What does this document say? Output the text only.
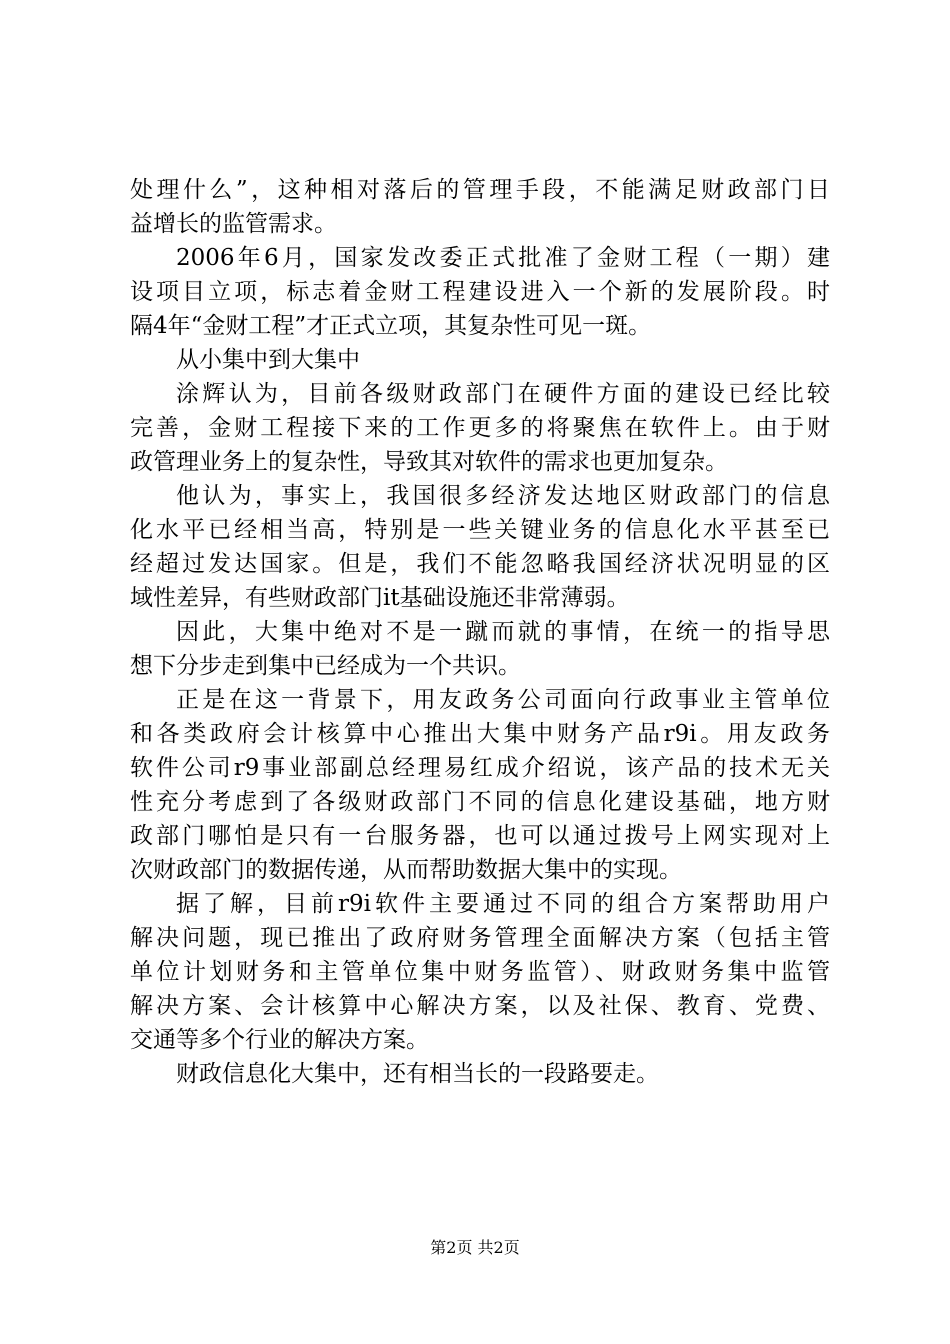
处理什么”，这种相对落后的管理手段，不能满足财政部门日
益增长的监管需求。
2006年6月，国家发改委正式批准了金财工程（一期）建
设项目立项，标志着金财工程建设进入一个新的发展阶段。时
隔4年“金财工程”才正式立项，其复杂性可见一斑。
从小集中到大集中
涂辉认为，目前各级财政部门在硬件方面的建设已经比较
完善，金财工程接下来的工作更多的将聚焦在软件上。由于财
政管理业务上的复杂性，导致其对软件的需求也更加复杂。
他认为，事实上，我国很多经济发达地区财政部门的信息
化水平已经相当高，特别是一些关键业务的信息化水平甚至已
经超过发达国家。但是，我们不能忽略我国经济状况明显的区
域性差异，有些财政部门it基础设施还非常薄弱。
因此，大集中绝对不是一蹴而就的事情，在统一的指导思
想下分步走到集中已经成为一个共识。
正是在这一背景下，用友政务公司面向行政事业主管单位
和各类政府会计核算中心推出大集中财务产品r9i。用友政务
软件公司r9事业部副总经理易红成介绍说，该产品的技术无关
性充分考虑到了各级财政部门不同的信息化建设基础，地方财
政部门哪怕是只有一台服务器，也可以通过拨号上网实现对上
次财政部门的数据传递，从而帮助数据大集中的实现。
据了解，目前r9i软件主要通过不同的组合方案帮助用户
解决问题，现已推出了政府财务管理全面解决方案（包括主管
单位计划财务和主管单位集中财务监管）、财政财务集中监管
解决方案、会计核算中心解决方案，以及社保、教育、党费、
交通等多个行业的解决方案。
财政信息化大集中，还有相当长的一段路要走。
第2页 共2页
